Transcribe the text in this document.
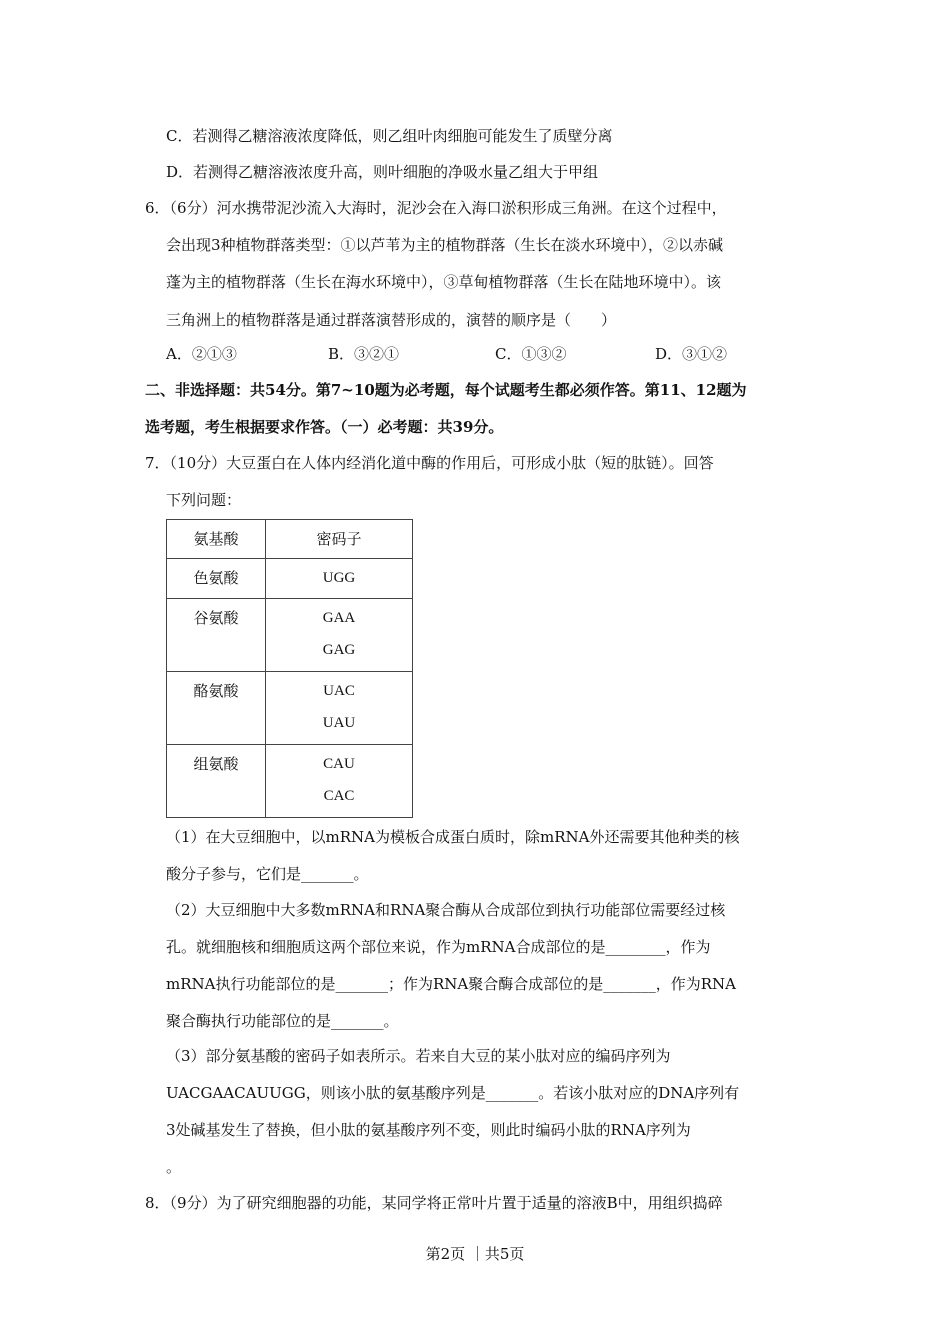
C．若测得乙糖溶液浓度降低，则乙组叶肉细胞可能发生了质壁分离
D．若测得乙糖溶液浓度升高，则叶细胞的净吸水量乙组大于甲组
6．（6分）河水携带泥沙流入大海时，泥沙会在入海口淤积形成三角洲。在这个过程中，
会出现3种植物群落类型：①以芦苇为主的植物群落（生长在淡水环境中），②以赤碱
蓬为主的植物群落（生长在海水环境中），③草甸植物群落（生长在陆地环境中）。该
三角洲上的植物群落是通过群落演替形成的，演替的顺序是（　　）
A．②①③	B．③②①	C．①③②	D．③①②
二、非选择题：共54分。第7~10题为必考题，每个试题考生都必须作答。第11、12题为
选考题，考生根据要求作答。（一）必考题：共39分。
7．（10分）大豆蛋白在人体内经消化道中酶的作用后，可形成小肽（短的肽链）。回答
下列问题：
氨基酸	密码子

色氨酸	UGG

谷氨酸	GAA
GAG

酪氨酸	UAC
UAU

组氨酸	CAU
CAC
（1）在大豆细胞中，以mRNA为模板合成蛋白质时，除mRNA外还需要其他种类的核
酸分子参与，它们是_______。
（2）大豆细胞中大多数mRNA和RNA聚合酶从合成部位到执行功能部位需要经过核
孔。就细胞核和细胞质这两个部位来说，作为mRNA合成部位的是________，作为
mRNA执行功能部位的是_______；作为RNA聚合酶合成部位的是_______，作为RNA
聚合酶执行功能部位的是_______。
（3）部分氨基酸的密码子如表所示。若来自大豆的某小肽对应的编码序列为
UACGAACAUUGG，则该小肽的氨基酸序列是_______。若该小肽对应的DNA序列有
3处碱基发生了替换，但小肽的氨基酸序列不变，则此时编码小肽的RNA序列为
。
8．（9分）为了研究细胞器的功能，某同学将正常叶片置于适量的溶液B中，用组织捣碎
第2页 ｜共5页
